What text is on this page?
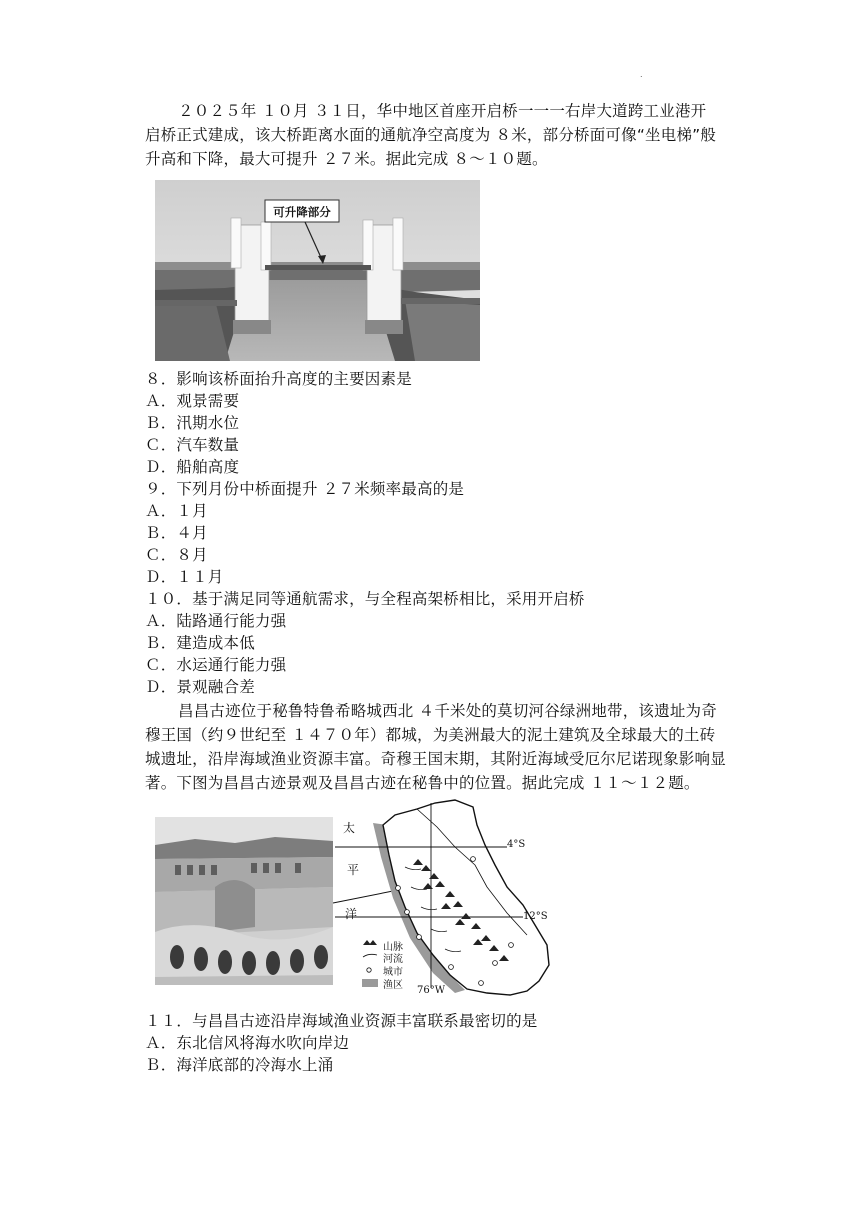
.
２０２５年 １０月 ３１日，华中地区首座开启桥一一一右岸大道跨工业港开
启桥正式建成，该大桥距离水面的通航净空高度为 ８米，部分桥面可像“坐电梯”般
升高和下降，最大可提升 ２７米。据此完成 ８～１０题。
可升降部分
８．影响该桥面抬升高度的主要因素是
Ａ．观景需要
Ｂ．汛期水位
Ｃ．汽车数量
Ｄ．船舶高度
９．下列月份中桥面提升 ２７米频率最高的是
Ａ．１月
Ｂ．４月
Ｃ．８月
Ｄ．１１月
１０．基于满足同等通航需求，与全程高架桥相比，采用开启桥
Ａ．陆路通行能力强
Ｂ．建造成本低
Ｃ．水运通行能力强
Ｄ．景观融合差
昌昌古迹位于秘鲁特鲁希略城西北 ４千米处的莫切河谷绿洲地带，该遗址为奇
穆王国（约９世纪至 １４７０年）都城，为美洲最大的泥土建筑及全球最大的土砖
城遗址，沿岸海域渔业资源丰富。奇穆王国末期，其附近海域受厄尔尼诺现象影响显
著。下图为昌昌古迹景观及昌昌古迹在秘鲁中的位置。据此完成 １１～１２题。
太
平
洋
4°S
12°S
76°W
山脉
河流
城市
渔区
１１．与昌昌古迹沿岸海域渔业资源丰富联系最密切的是
Ａ．东北信风将海水吹向岸边
Ｂ．海洋底部的冷海水上涌
